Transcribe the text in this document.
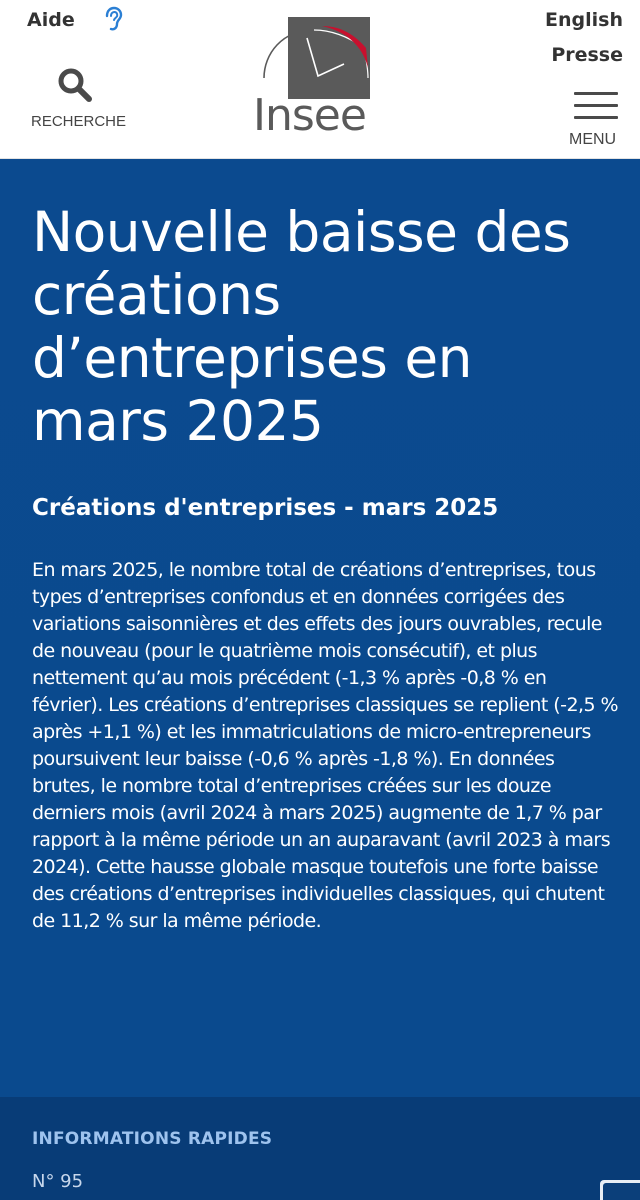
Aide
RECHERCHE	Insee
English
Presse
MENU
Nouvelle baisse des créations d’entreprises en mars 2025
Créations d'entreprises - mars 2025

En mars 2025, le nombre total de créations d’entreprises, tous types d’entreprises confondus et en données corrigées des variations saisonnières et des effets des jours ouvrables, recule de nouveau (pour le quatrième mois consécutif), et plus nettement qu’au mois précédent (-1,3 % après -0,8 % en février). Les créations d’entreprises classiques se replient (-2,5 % après +1,1 %) et les immatriculations de micro-entrepreneurs poursuivent leur baisse (-0,6 % après -1,8 %). En données brutes, le nombre total d’entreprises créées sur les douze derniers mois (avril 2024 à mars 2025) augmente de 1,7 % par rapport à la même période un an auparavant (avril 2023 à mars 2024). Cette hausse globale masque toutefois une forte baisse des créations d’entreprises individuelles classiques, qui chutent de 11,2 % sur la même période.

INFORMATIONS RAPIDES
N° 95
